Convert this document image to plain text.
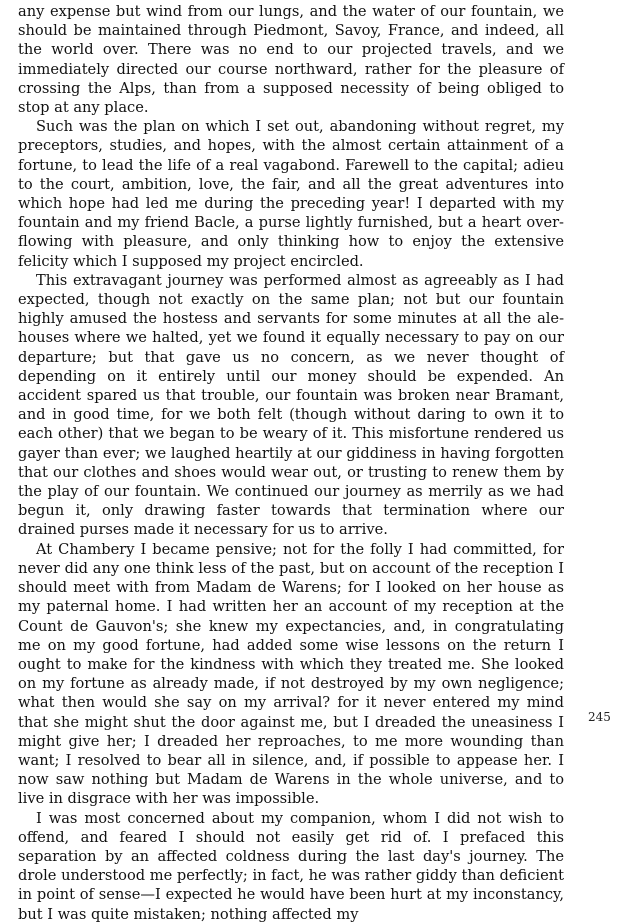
any expense but wind from our lungs, and the water of our fountain, we should be maintained through Piedmont, Savoy, France, and indeed, all the world over. There was no end to our projected travels, and we immediately directed our course northward, rather for the pleasure of crossing the Alps, than from a supposed necessity of being obliged to stop at any place.

Such was the plan on which I set out, abandoning without regret, my preceptors, studies, and hopes, with the almost certain attainment of a fortune, to lead the life of a real vagabond. Farewell to the capital; adieu to the court, ambition, love, the fair, and all the great adventures into which hope had led me during the preceding year! I departed with my fountain and my friend Bacle, a purse lightly furnished, but a heart over-flowing with pleasure, and only thinking how to enjoy the extensive felicity which I supposed my project encircled.

This extravagant journey was performed almost as agreeably as I had expected, though not exactly on the same plan; not but our fountain highly amused the hostess and servants for some minutes at all the ale-houses where we halted, yet we found it equally necessary to pay on our departure; but that gave us no concern, as we never thought of depending on it entirely until our money should be expended. An accident spared us that trouble, our fountain was broken near Bramant, and in good time, for we both felt (though without daring to own it to each other) that we began to be weary of it. This misfortune rendered us gayer than ever; we laughed heartily at our giddiness in having forgotten that our clothes and shoes would wear out, or trusting to renew them by the play of our fountain. We continued our journey as merrily as we had begun it, only drawing faster towards that termination where our drained purses made it necessary for us to arrive.

At Chambery I became pensive; not for the folly I had committed, for never did any one think less of the past, but on account of the reception I should meet with from Madam de Warens; for I looked on her house as my paternal home. I had written her an account of my reception at the Count de Gauvon's; she knew my expectancies, and, in congratulating me on my good fortune, had added some wise lessons on the return I ought to make for the kindness with which they treated me. She looked on my fortune as already made, if not destroyed by my own negligence; what then would she say on my arrival? for it never entered my mind that she might shut the door against me, but I dreaded the uneasiness I might give her; I dreaded her reproaches, to me more wounding than want; I resolved to bear all in silence, and, if possible to appease her. I now saw nothing but Madam de Warens in the whole universe, and to live in disgrace with her was impossible.

I was most concerned about my companion, whom I did not wish to offend, and feared I should not easily get rid of. I prefaced this separation by an affected coldness during the last day's journey. The drole understood me perfectly; in fact, he was rather giddy than deficient in point of sense—I expected he would have been hurt at my inconstancy, but I was quite mistaken; nothing affected my

245
